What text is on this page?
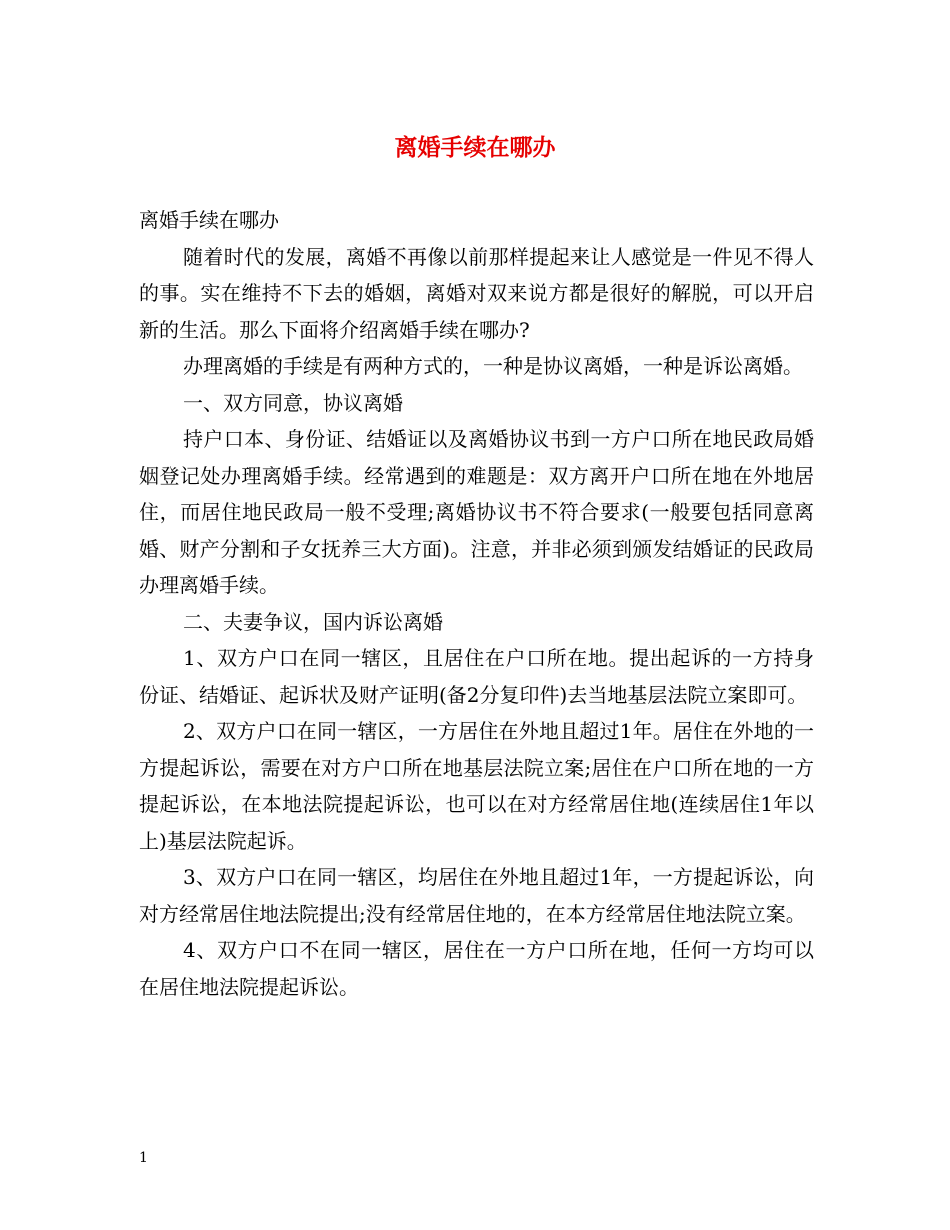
离婚手续在哪办

离婚手续在哪办

随着时代的发展，离婚不再像以前那样提起来让人感觉是一件见不得人的事。实在维持不下去的婚姻，离婚对双来说方都是很好的解脱，可以开启新的生活。那么下面将介绍离婚手续在哪办?

办理离婚的手续是有两种方式的，一种是协议离婚，一种是诉讼离婚。

一、双方同意，协议离婚

持户口本、身份证、结婚证以及离婚协议书到一方户口所在地民政局婚姻登记处办理离婚手续。经常遇到的难题是：双方离开户口所在地在外地居住，而居住地民政局一般不受理;离婚协议书不符合要求(一般要包括同意离婚、财产分割和子女抚养三大方面)。注意，并非必须到颁发结婚证的民政局办理离婚手续。

二、夫妻争议，国内诉讼离婚

1、双方户口在同一辖区，且居住在户口所在地。提出起诉的一方持身份证、结婚证、起诉状及财产证明(备2分复印件)去当地基层法院立案即可。

2、双方户口在同一辖区，一方居住在外地且超过1年。居住在外地的一方提起诉讼，需要在对方户口所在地基层法院立案;居住在户口所在地的一方提起诉讼，在本地法院提起诉讼，也可以在对方经常居住地(连续居住1年以上)基层法院起诉。

3、双方户口在同一辖区，均居住在外地且超过1年，一方提起诉讼，向对方经常居住地法院提出;没有经常居住地的，在本方经常居住地法院立案。

4、双方户口不在同一辖区，居住在一方户口所在地，任何一方均可以在居住地法院提起诉讼。

1
